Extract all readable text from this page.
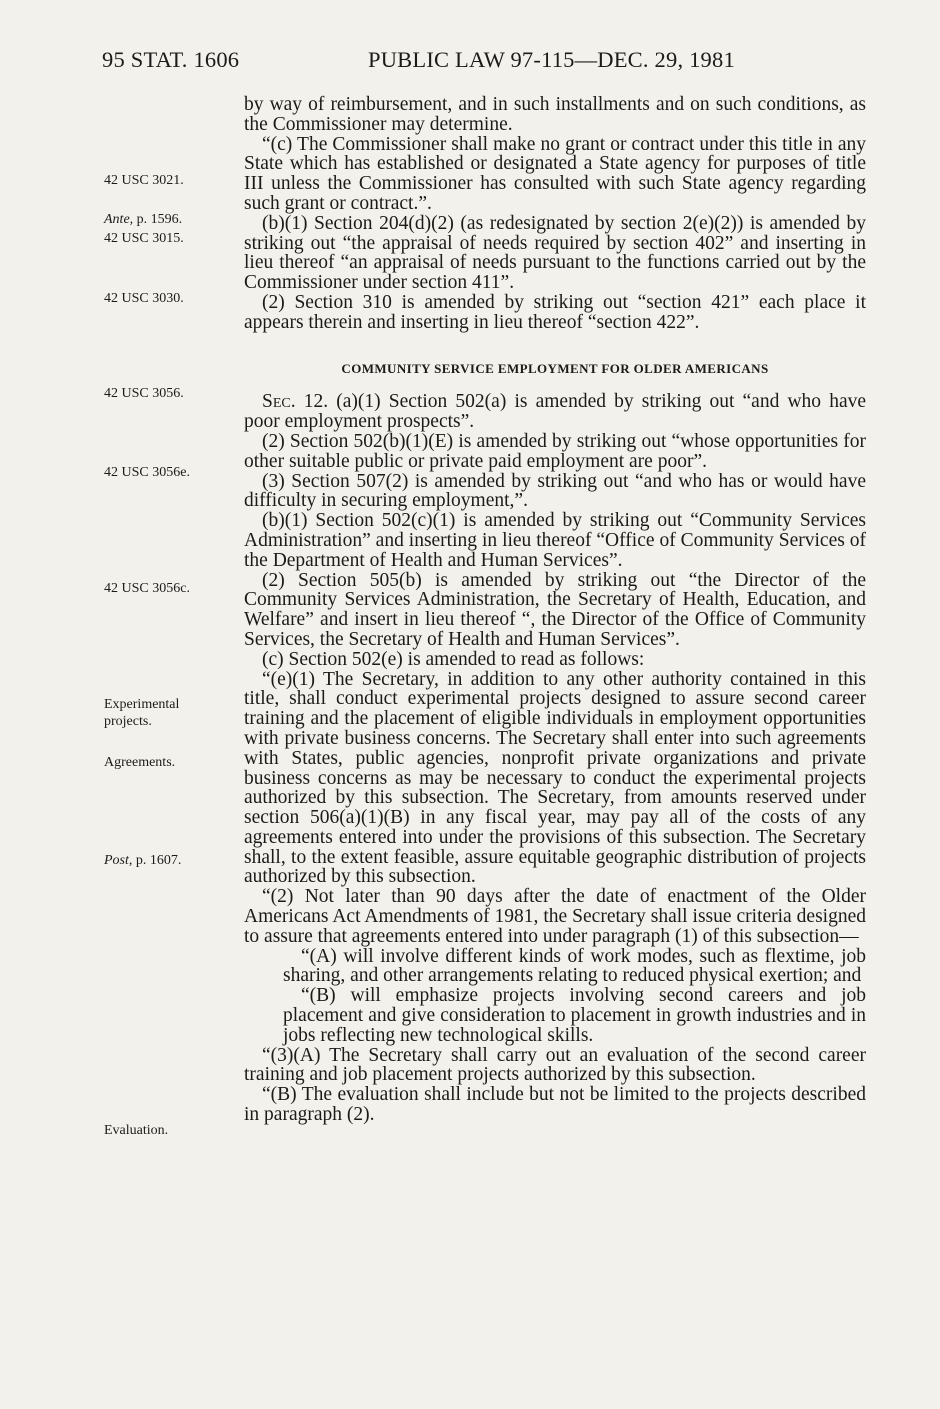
95 STAT. 1606	PUBLIC LAW 97-115—DEC. 29, 1981
42 USC 3021.
Ante, p. 1596.
42 USC 3015.
42 USC 3030.
42 USC 3056.
42 USC 3056e.
42 USC 3056c.
Experimental
projects.
Agreements.
Post, p. 1607.
Evaluation.

by way of reimbursement, and in such installments and on such conditions, as the Commissioner may determine.

“(c) The Commissioner shall make no grant or contract under this title in any State which has established or designated a State agency for purposes of title III unless the Commissioner has consulted with such State agency regarding such grant or contract.”.

(b)(1) Section 204(d)(2) (as redesignated by section 2(e)(2)) is amended by striking out “the appraisal of needs required by section 402” and inserting in lieu thereof “an appraisal of needs pursuant to the functions carried out by the Commissioner under section 411”.

(2) Section 310 is amended by striking out “section 421” each place it appears therein and inserting in lieu thereof “section 422”.

COMMUNITY SERVICE EMPLOYMENT FOR OLDER AMERICANS

Sec. 12. (a)(1) Section 502(a) is amended by striking out “and who have poor employment prospects”.

(2) Section 502(b)(1)(E) is amended by striking out “whose opportunities for other suitable public or private paid employment are poor”.

(3) Section 507(2) is amended by striking out “and who has or would have difficulty in securing employment,”.

(b)(1) Section 502(c)(1) is amended by striking out “Community Services Administration” and inserting in lieu thereof “Office of Community Services of the Department of Health and Human Services”.

(2) Section 505(b) is amended by striking out “the Director of the Community Services Administration, the Secretary of Health, Education, and Welfare” and insert in lieu thereof “, the Director of the Office of Community Services, the Secretary of Health and Human Services”.

(c) Section 502(e) is amended to read as follows:

“(e)(1) The Secretary, in addition to any other authority contained in this title, shall conduct experimental projects designed to assure second career training and the placement of eligible individuals in employment opportunities with private business concerns. The Secretary shall enter into such agreements with States, public agencies, nonprofit private organizations and private business concerns as may be necessary to conduct the experimental projects authorized by this subsection. The Secretary, from amounts reserved under section 506(a)(1)(B) in any fiscal year, may pay all of the costs of any agreements entered into under the provisions of this subsection. The Secretary shall, to the extent feasible, assure equitable geographic distribution of projects authorized by this subsection.

“(2) Not later than 90 days after the date of enactment of the Older Americans Act Amendments of 1981, the Secretary shall issue criteria designed to assure that agreements entered into under paragraph (1) of this subsection—

“(A) will involve different kinds of work modes, such as flextime, job sharing, and other arrangements relating to reduced physical exertion; and

“(B) will emphasize projects involving second careers and job placement and give consideration to placement in growth industries and in jobs reflecting new technological skills.

“(3)(A) The Secretary shall carry out an evaluation of the second career training and job placement projects authorized by this subsection.

“(B) The evaluation shall include but not be limited to the projects described in paragraph (2).
